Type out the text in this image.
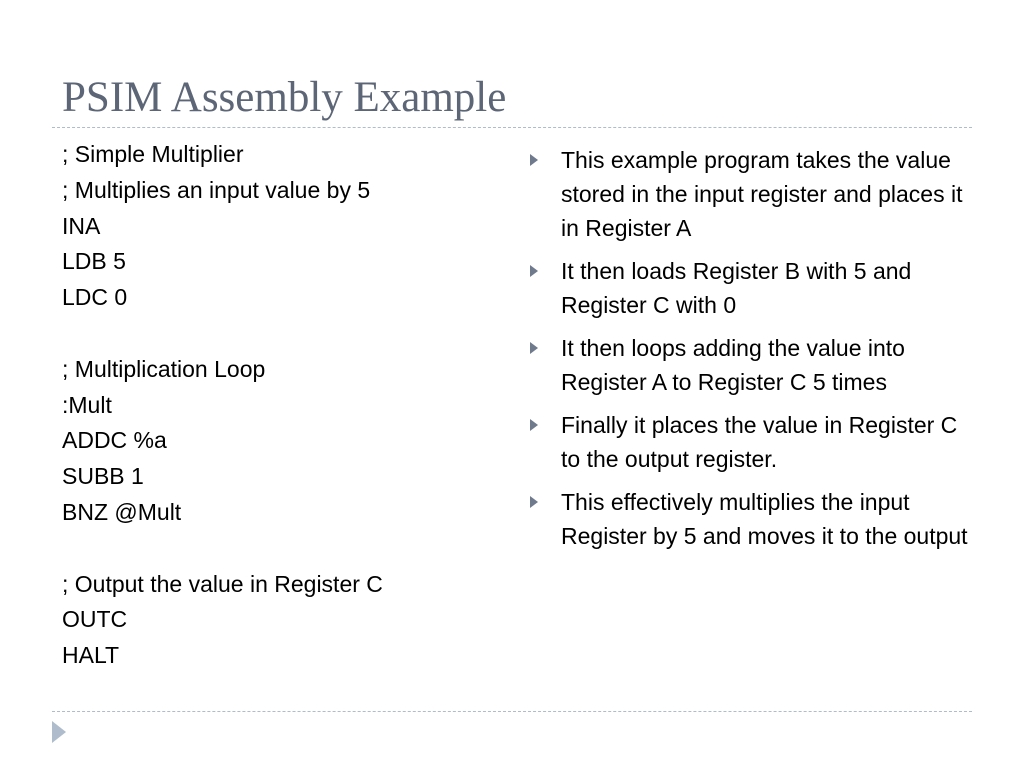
PSIM Assembly Example
; Simple Multiplier
; Multiplies an input value by 5
INA
LDB 5
LDC 0
; Multiplication Loop
:Mult
ADDC %a
SUBB 1
BNZ @Mult
; Output the value in Register C
OUTC
HALT
This example program takes the value stored in the input register and places it in Register A
It then loads Register B with 5 and Register C with 0
It then loops adding the value into Register A to Register C 5 times
Finally it places the value in Register C to the output register.
This effectively multiplies the input Register by 5 and moves it to the output
